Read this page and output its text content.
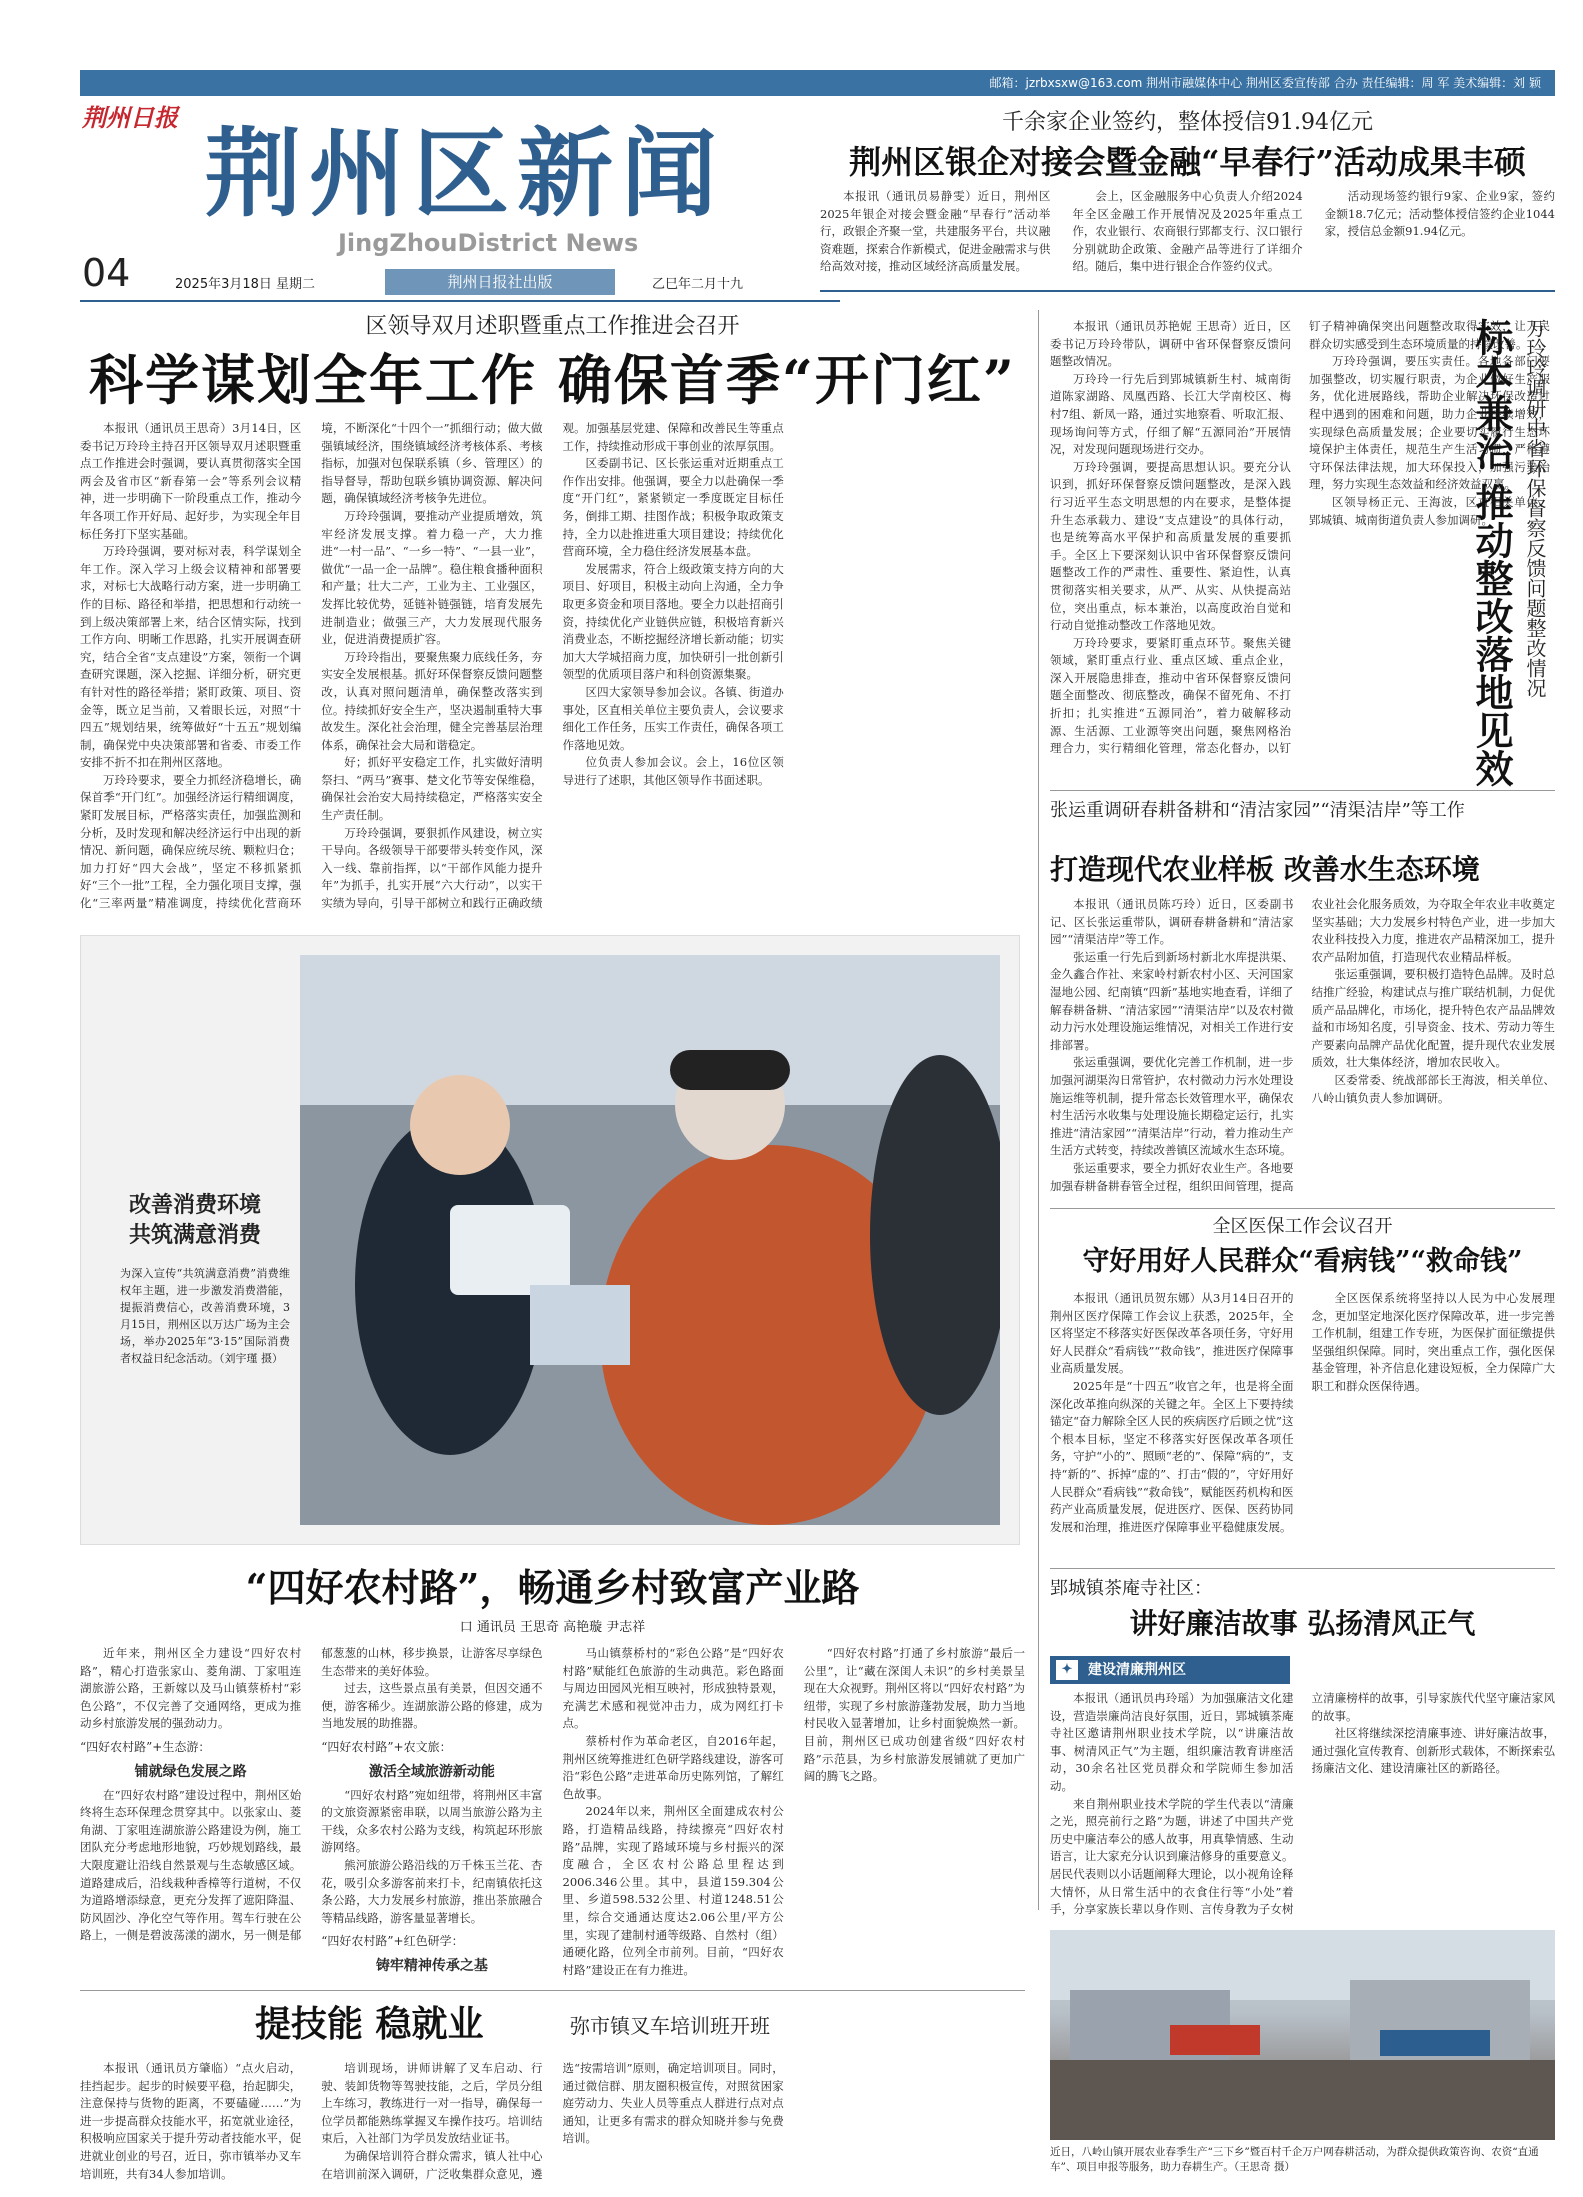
邮箱：jzrbxsxw@163.com 荆州市融媒体中心 荆州区委宣传部 合办 责任编辑：周 军 美术编辑：刘 颖
荆州日报 荆州区新闻
JingZhouDistrict News
04	2025年3月18日 星期二	荆州日报社出版	乙巳年二月十九
千余家企业签约，整体授信91.94亿元
荆州区银企对接会暨金融“早春行”活动成果丰硕

本报讯（通讯员易静雯）近日，荆州区2025年银企对接会暨金融“早春行”活动举行，政银企齐聚一堂，共建服务平台，共议融资难题，探索合作新模式，促进金融需求与供给高效对接，推动区域经济高质量发展。

会上，区金融服务中心负责人介绍2024年全区金融工作开展情况及2025年重点工作，农业银行、农商银行郢都支行、汉口银行分别就助企政策、金融产品等进行了详细介绍。随后，集中进行银企合作签约仪式。

活动现场签约银行9家、企业9家，签约金额18.7亿元；活动整体授信签约企业1044家，授信总金额91.94亿元。

区领导双月述职暨重点工作推进会召开
科学谋划全年工作 确保首季“开门红”

本报讯（通讯员王思奇）3月14日，区委书记万玲玲主持召开区领导双月述职暨重点工作推进会时强调，要认真贯彻落实全国两会及省市区“新春第一会”等系列会议精神，进一步明确下一阶段重点工作，推动今年各项工作开好局、起好步，为实现全年目标任务打下坚实基础。

万玲玲强调，要对标对表，科学谋划全年工作。深入学习上级会议精神和部署要求，对标七大战略行动方案，进一步明确工作的目标、路径和举措，把思想和行动统一到上级决策部署上来，结合区情实际，找到工作方向、明晰工作思路，扎实开展调查研究，结合全省“支点建设”方案，领衔一个调查研究课题，深入挖掘、详细分析，研究更有针对性的路径举措；紧盯政策、项目、资金等，既立足当前，又着眼长远，对照“十四五”规划结果，统筹做好“十五五”规划编制，确保党中央决策部署和省委、市委工作安排不折不扣在荆州区落地。

万玲玲要求，要全力抓经济稳增长，确保首季“开门红”。加强经济运行精细调度，紧盯发展目标，严格落实责任，加强监测和分析，及时发现和解决经济运行中出现的新情况、新问题，确保应统尽统、颗粒归仓；加力打好“四大会战”，坚定不移抓紧抓好“三个一批”工程，全力强化项目支撑，强化“三率两量”精准调度，持续优化营商环境，不断深化“十四个一”抓细行动；做大做强镇域经济，围绕镇域经济考核体系、考核指标，加强对包保联系镇（乡、管理区）的指导督导，帮助包联乡镇协调资源、解决问题，确保镇域经济考核争先进位。

万玲玲强调，要推动产业提质增效，筑牢经济发展支撑。着力稳一产，大力推进“一村一品”、“一乡一特”、“一县一业”，做优“一品一企一品牌”。稳住粮食播种面积和产量；壮大二产，工业为主、工业强区，发挥比较优势，延链补链强链，培育发展先进制造业；做强三产，大力发展现代服务业，促进消费提质扩容。

万玲玲指出，要聚焦聚力底线任务，夯实安全发展根基。抓好环保督察反馈问题整改，认真对照问题清单，确保整改落实到位。持续抓好安全生产，坚决遏制重特大事故发生。深化社会治理，健全完善基层治理体系，确保社会大局和谐稳定。

好；抓好平安稳定工作，扎实做好清明祭扫、“两马”赛事、楚文化节等安保维稳，确保社会治安大局持续稳定，严格落实安全生产责任制。

万玲玲强调，要狠抓作风建设，树立实干导向。各级领导干部要带头转变作风，深入一线、靠前指挥，以“干部作风能力提升年”为抓手，扎实开展“六大行动”，以实干实绩为导向，引导干部树立和践行正确政绩观。加强基层党建、保障和改善民生等重点工作，持续推动形成干事创业的浓厚氛围。

区委副书记、区长张运重对近期重点工作作出安排。他强调，要全力以赴确保一季度“开门红”，紧紧锁定一季度既定目标任务，倒排工期、挂图作战；积极争取政策支持，全力以赴推进重大项目建设；持续优化营商环境，全力稳住经济发展基本盘。

发展需求，符合上级政策支持方向的大项目、好项目，积极主动向上沟通，全力争取更多资金和项目落地。要全力以赴招商引资，持续优化产业链供应链，积极培育新兴消费业态，不断挖掘经济增长新动能；切实加大大学城招商力度，加快研引一批创新引领型的优质项目落户和科创资源集聚。

区四大家领导参加会议。各镇、街道办事处，区直相关单位主要负责人，会议要求细化工作任务，压实工作责任，确保各项工作落地见效。

位负责人参加会议。会上，16位区领导进行了述职，其他区领导作书面述职。

改善消费环境
共筑满意消费
为深入宣传“共筑满意消费”消费维权年主题，进一步激发消费潜能，提振消费信心，改善消费环境，3月15日，荆州区以万达广场为主会场，举办2025年“3·15”国际消费者权益日纪念活动。（刘宇瑾 摄）

本报讯（通讯员苏艳妮 王思奇）近日，区委书记万玲玲带队，调研中省环保督察反馈问题整改情况。

万玲玲一行先后到郢城镇新生村、城南街道陈家湖路、凤凰西路、长江大学南校区、梅村7组、新凤一路，通过实地察看、听取汇报、现场询问等方式，仔细了解“五源同治”开展情况，对发现问题现场进行交办。

万玲玲强调，要提高思想认识。要充分认识到，抓好环保督察反馈问题整改，是深入践行习近平生态文明思想的内在要求，是整体提升生态承载力、建设“支点建设”的具体行动，也是统筹高水平保护和高质量发展的重要抓手。全区上下要深刻认识中省环保督察反馈问题整改工作的严肃性、重要性、紧迫性，认真贯彻落实相关要求，从严、从实、从快提高站位，突出重点，标本兼治，以高度政治自觉和行动自觉推动整改工作落地见效。

万玲玲要求，要紧盯重点环节。聚焦关键领域，紧盯重点行业、重点区域、重点企业，深入开展隐患排查，推动中省环保督察反馈问题全面整改、彻底整改，确保不留死角、不打折扣；扎实推进“五源同治”，着力破解移动源、生活源、工业源等突出问题，聚焦网格治理合力，实行精细化管理，常态化督办，以钉钉子精神确保突出问题整改取得实效，让人民群众切实感受到生态环境质量的持续改善。

万玲玲强调，要压实责任。各地各部门要加强整改，切实履行职责，为企业做好生产服务，优化进展路线，帮助企业解决环保改造过程中遇到的困难和问题，助力企业持续增效，实现绿色高质量发展；企业要切实履行生态环境保护主体责任，规范生产生活习惯，严格遵守环保法律法规，加大环保投入，加强污染治理，努力实现生态效益和经济效益双赢。

区领导杨正元、王海波，区直相关单位、郢城镇、城南街道负责人参加调研。	万玲玲调研中省环保督察反馈问题整改情况
标本兼治 推动整改落地见效
张运重调研春耕备耕和“清洁家园”“清渠洁岸”等工作
打造现代农业样板 改善水生态环境

本报讯（通讯员陈巧玲）近日，区委副书记、区长张运重带队，调研春耕备耕和“清洁家园”“清渠洁岸”等工作。

张运重一行先后到新场村新北水库提洪渠、金久鑫合作社、来家岭村新农村小区、天河国家湿地公园、纪南镇“四新”基地实地查看，详细了解春耕备耕、“清洁家园”“清渠洁岸”以及农村微动力污水处理设施运维情况，对相关工作进行安排部署。

张运重强调，要优化完善工作机制，进一步加强河湖渠沟日常管护，农村微动力污水处理设施运维等机制，提升常态长效管理水平，确保农村生活污水收集与处理设施长期稳定运行，扎实推进“清洁家园”“清渠洁岸”行动，着力推动生产生活方式转变，持续改善镇区流域水生态环境。

张运重要求，要全力抓好农业生产。各地要加强春耕备耕春管全过程，组织田间管理，提高农业社会化服务质效，为夺取全年农业丰收奠定坚实基础；大力发展乡村特色产业，进一步加大农业科技投入力度，推进农产品精深加工，提升农产品附加值，打造现代农业精品样板。

张运重强调，要积极打造特色品牌。及时总结推广经验，构建试点与推广联结机制，力促优质产品品牌化，市场化，提升特色农产品品牌效益和市场知名度，引导资金、技术、劳动力等生产要素向品牌产品优化配置，提升现代农业发展质效，壮大集体经济，增加农民收入。

区委常委、统战部部长王海波，相关单位、八岭山镇负责人参加调研。

全区医保工作会议召开
守好用好人民群众“看病钱”“救命钱”

本报讯（通讯员贺东娜）从3月14日召开的荆州区医疗保障工作会议上获悉，2025年，全区将坚定不移落实好医保改革各项任务，守好用好人民群众“看病钱”“救命钱”，推进医疗保障事业高质量发展。

2025年是“十四五”收官之年，也是将全面深化改革推向纵深的关键之年。全区上下要持续锚定“奋力解除全区人民的疾病医疗后顾之忧”这个根本目标，坚定不移落实好医保改革各项任务，守护“小的”、照顾“老的”、保障“病的”，支持“新的”、拆掉“虚的”、打击“假的”，守好用好人民群众“看病钱”“救命钱”，赋能医药机构和医药产业高质量发展，促进医疗、医保、医药协同发展和治理，推进医疗保障事业平稳健康发展。

全区医保系统将坚持以人民为中心发展理念，更加坚定地深化医疗保障改革，进一步完善工作机制，组建工作专班，为医保扩面征缴提供坚强组织保障。同时，突出重点工作，强化医保基金管理，补齐信息化建设短板，全力保障广大职工和群众医保待遇。

郢城镇茶庵寺社区：
讲好廉洁故事 弘扬清风正气
✦	建设清廉荆州区

本报讯（通讯员冉玲瑶）为加强廉洁文化建设，营造崇廉尚洁良好氛围，近日，郢城镇茶庵寺社区邀请荆州职业技术学院，以“讲廉洁故事、树清风正气”为主题，组织廉洁教育讲座活动，30余名社区党员群众和学院师生参加活动。

来自荆州职业技术学院的学生代表以“清廉之光，照亮前行之路”为题，讲述了中国共产党历史中廉洁奉公的感人故事，用真挚情感、生动语言，让大家充分认识到廉洁修身的重要意义。居民代表则以小话题阐释大理论，以小视角诠释大情怀，从日常生活中的衣食住行等“小处”着手，分享家族长辈以身作则、言传身教为子女树立清廉榜样的故事，引导家族代代坚守廉洁家风的故事。

社区将继续深挖清廉事迹、讲好廉洁故事，通过强化宣传教育、创新形式载体，不断探索弘扬廉洁文化、建设清廉社区的新路径。

近日，八岭山镇开展农业春季生产“三下乡”暨百村千企万户网春耕活动，为群众提供政策咨询、农资“直通车”、项目申报等服务，助力春耕生产。（王思奇 摄）
“四好农村路”，畅通乡村致富产业路
口 通讯员 王思奇 高艳璇 尹志祥

近年来，荆州区全力建设“四好农村路”，精心打造张家山、菱角湖、丁家咀连湖旅游公路，王新嫁以及马山镇蔡桥村“彩色公路”，不仅完善了交通网络，更成为推动乡村旅游发展的强劲动力。

“四好农村路”+生态游：
铺就绿色发展之路

在“四好农村路”建设过程中，荆州区始终将生态环保理念贯穿其中。以张家山、菱角湖、丁家咀连湖旅游公路建设为例，施工团队充分考虑地形地貌，巧妙规划路线，最大限度避让沿线自然景观与生态敏感区域。道路建成后，沿线栽种香樟等行道树，不仅为道路增添绿意，更充分发挥了遮阳降温、防风固沙、净化空气等作用。驾车行驶在公路上，一侧是碧波荡漾的湖水，另一侧是郁郁葱葱的山林，移步换景，让游客尽享绿色生态带来的美好体验。

过去，这些景点虽有美景，但因交通不便，游客稀少。连湖旅游公路的修建，成为当地发展的助推器。

“四好农村路”+农文旅：
激活全域旅游新动能

“四好农村路”宛如纽带，将荆州区丰富的文旅资源紧密串联，以周当旅游公路为主干线，众多农村公路为支线，构筑起环形旅游网络。

熊河旅游公路沿线的万千株玉兰花、杏花，吸引众多游客前来打卡，纪南镇依托这条公路，大力发展乡村旅游，推出茶旅融合等精品线路，游客量显著增长。

“四好农村路”+红色研学：
铸牢精神传承之基

马山镇蔡桥村的“彩色公路”是“四好农村路”赋能红色旅游的生动典范。彩色路面与周边田园风光相互映衬，形成独特景观，充满艺术感和视觉冲击力，成为网红打卡点。

蔡桥村作为革命老区，自2016年起，荆州区统筹推进红色研学路线建设，游客可沿“彩色公路”走进革命历史陈列馆，了解红色故事。

2024年以来，荆州区全面建成农村公路，打造精品线路，持续擦亮“四好农村路”品牌，实现了路域环境与乡村振兴的深度融合，全区农村公路总里程达到2006.346公里。其中，县道159.304公里、乡道598.532公里、村道1248.51公里，综合交通通达度达2.06公里/平方公里，实现了建制村通等级路、自然村（组）通硬化路，位列全市前列。目前，“四好农村路”建设正在有力推进。

“四好农村路”打通了乡村旅游“最后一公里”，让“藏在深闺人未识”的乡村美景呈现在大众视野。荆州区将以“四好农村路”为纽带，实现了乡村旅游蓬勃发展，助力当地村民收入显著增加，让乡村面貌焕然一新。目前，荆州区已成功创建省级“四好农村路”示范县，为乡村旅游发展铺就了更加广阔的腾飞之路。

提技能 稳就业	弥市镇叉车培训班开班

本报讯（通讯员方肇临）“点火启动，挂挡起步。起步的时候要平稳，抬起脚尖，注意保持与货物的距离，不要磕碰……”为进一步提高群众技能水平，拓宽就业途径，积极响应国家关于提升劳动者技能水平，促进就业创业的号召，近日，弥市镇举办叉车培训班，共有34人参加培训。

培训现场，讲师讲解了叉车启动、行驶、装卸货物等驾驶技能，之后，学员分组上车练习，教练进行一对一指导，确保每一位学员都能熟练掌握叉车操作技巧。培训结束后，入社部门为学员发放结业证书。

为确保培训符合群众需求，镇人社中心在培训前深入调研，广泛收集群众意见，遴选“按需培训”原则，确定培训项目。同时，通过微信群、朋友圈积极宣传，对照贫困家庭劳动力、失业人员等重点人群进行点对点通知，让更多有需求的群众知晓并参与免费培训。
